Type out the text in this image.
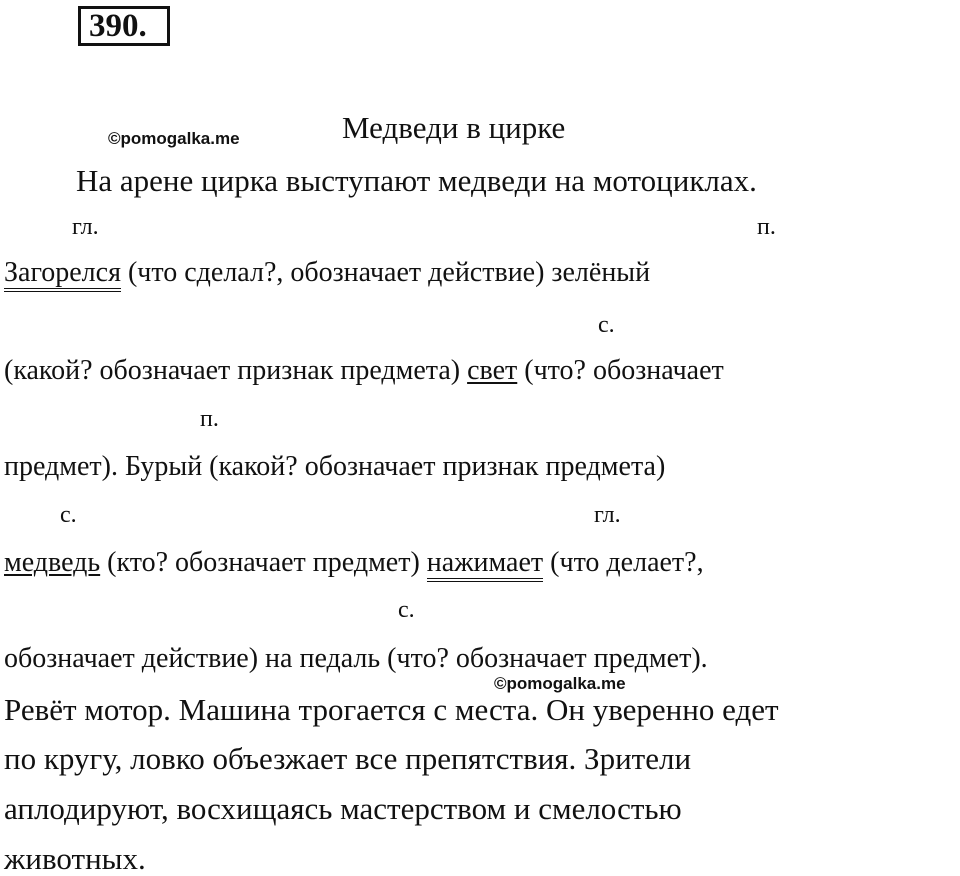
390.
©pomogalka.me	Медведи в цирке
На арене цирка выступают медведи на мотоциклах.
гл.	п.
Загорелся (что сделал?, обозначает действие) зелёный
с.
(какой? обозначает признак предмета) свет (что? обозначает
п.
предмет). Бурый (какой? обозначает признак предмета)
с.	гл.
медведь (кто? обозначает предмет) нажимает (что делает?,
с.
обозначает действие) на педаль (что? обозначает предмет).
©pomogalka.me
Ревёт мотор. Машина трогается с места. Он уверенно едет
по кругу, ловко объезжает все препятствия. Зрители
аплодируют, восхищаясь мастерством и смелостью
животных.
